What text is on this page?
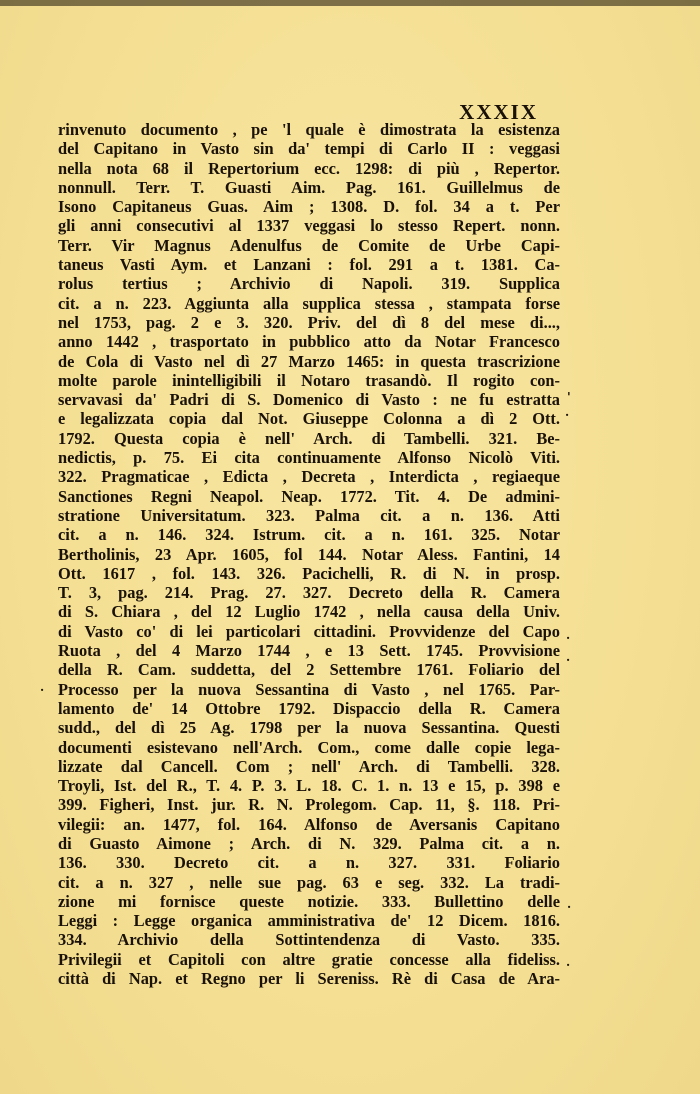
XXXIX
rinvenuto documento , pe 'l quale è dimostrata la esistenza
del Capitano in Vasto sin da' tempi di Carlo II : veggasi
nella nota 68 il Repertorium ecc. 1298: di più , Repertor.
nonnull. Terr. T. Guasti Aim. Pag. 161. Guillelmus de
Isono Capitaneus Guas. Aim ; 1308. D. fol. 34 a t. Per
gli anni consecutivi al 1337 veggasi lo stesso Repert. nonn.
Terr. Vir Magnus Adenulfus de Comite de Urbe Capi-
taneus Vasti Aym. et Lanzani : fol. 291 a t. 1381. Ca-
rolus tertius ; Archivio di Napoli. 319. Supplica
cit. a n. 223. Aggiunta alla supplica stessa , stampata forse
nel 1753, pag. 2 e 3. 320. Priv. del dì 8 del mese di...,
anno 1442 , trasportato in pubblico atto da Notar Francesco
de Cola di Vasto nel dì 27 Marzo 1465: in questa trascrizione
molte parole inintelligibili il Notaro trasandò. Il rogito con-
servavasi da' Padri di S. Domenico di Vasto : ne fu estratta
e legalizzata copia dal Not. Giuseppe Colonna a dì 2 Ott.
1792. Questa copia è nell' Arch. di Tambelli. 321. Be-
nedictis, p. 75. Ei cita continuamente Alfonso Nicolò Viti.
322. Pragmaticae , Edicta , Decreta , Interdicta , regiaeque
Sanctiones Regni Neapol. Neap. 1772. Tit. 4. De admini-
stratione Universitatum. 323. Palma cit. a n. 136. Atti
cit. a n. 146. 324. Istrum. cit. a n. 161. 325. Notar
Bertholinis, 23 Apr. 1605, fol 144. Notar Aless. Fantini, 14
Ott. 1617 , fol. 143. 326. Pacichelli, R. di N. in prosp.
T. 3, pag. 214. Prag. 27. 327. Decreto della R. Camera
di S. Chiara , del 12 Luglio 1742 , nella causa della Univ.
di Vasto co' di lei particolari cittadini. Provvidenze del Capo
Ruota , del 4 Marzo 1744 , e 13 Sett. 1745. Provvisione
della R. Cam. suddetta, del 2 Settembre 1761. Foliario del
Processo per la nuova Sessantina di Vasto , nel 1765. Par-
lamento de' 14 Ottobre 1792. Dispaccio della R. Camera
sudd., del dì 25 Ag. 1798 per la nuova Sessantina. Questi
documenti esistevano nell'Arch. Com., come dalle copie lega-
lizzate dal Cancell. Com ; nell' Arch. di Tambelli. 328.
Troyli, Ist. del R., T. 4. P. 3. L. 18. C. 1. n. 13 e 15, p. 398 e
399. Figheri, Inst. jur. R. N. Prolegom. Cap. 11, §. 118. Pri-
vilegii: an. 1477, fol. 164. Alfonso de Aversanis Capitano
di Guasto Aimone ; Arch. di N. 329. Palma cit. a n.
136. 330. Decreto cit. a n. 327. 331. Foliario
cit. a n. 327 , nelle sue pag. 63 e seg. 332. La tradi-
zione mi fornisce queste notizie. 333. Bullettino delle
Leggi : Legge organica amministrativa de' 12 Dicem. 1816.
334. Archivio della Sottintendenza di Vasto. 335.
Privilegii et Capitoli con altre gratie concesse alla fideliss.
città di Nap. et Regno per li Sereniss. Rè di Casa de Ara-
'
·
·
·
·
·
·
